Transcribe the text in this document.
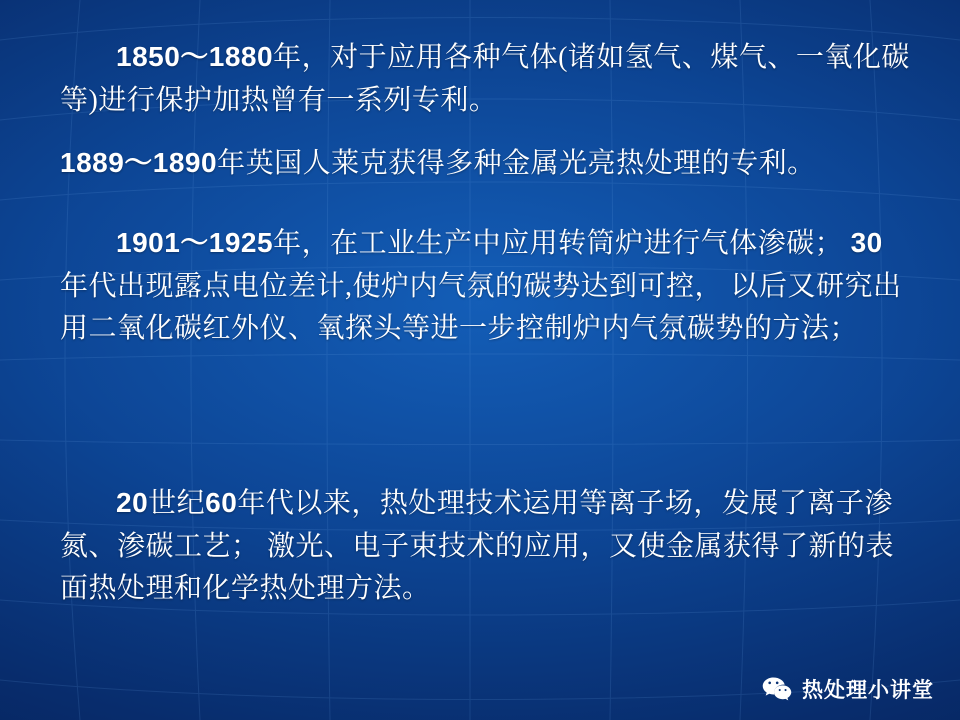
1850～1880年，对于应用各种气体(诸如氢气、煤气、一氧化碳等)进行保护加热曾有一系列专利。
1889～1890年英国人莱克获得多种金属光亮热处理的专利。
1901～1925年，在工业生产中应用转筒炉进行气体渗碳； 30年代出现露点电位差计,使炉内气氛的碳势达到可控， 以后又研究出用二氧化碳红外仪、氧探头等进一步控制炉内气氛碳势的方法；
20世纪60年代以来，热处理技术运用等离子场，发展了离子渗氮、渗碳工艺； 激光、电子束技术的应用，又使金属获得了新的表面热处理和化学热处理方法。
热处理小讲堂
